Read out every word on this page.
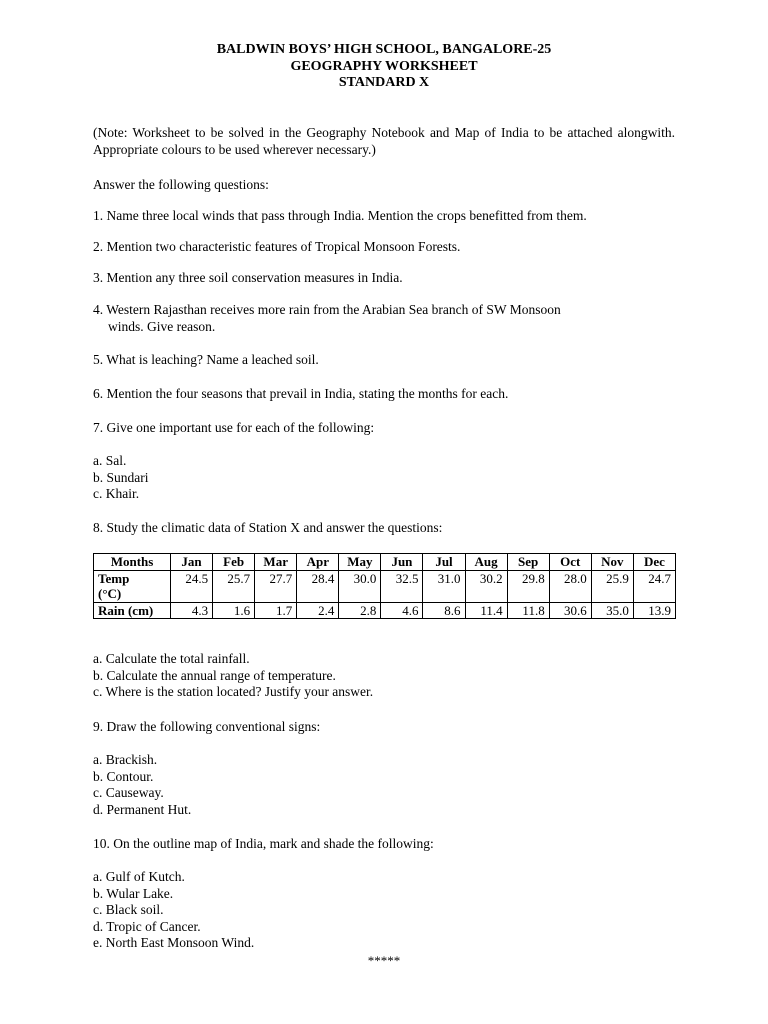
BALDWIN BOYS’ HIGH SCHOOL, BANGALORE-25
GEOGRAPHY WORKSHEET
STANDARD X
(Note: Worksheet to be solved in the Geography Notebook and Map of India to be attached alongwith. Appropriate colours to be used wherever necessary.)
Answer the following questions:
1. Name three local winds that pass through India. Mention the crops benefitted from them.
2. Mention two characteristic features of Tropical Monsoon Forests.
3. Mention any three soil conservation measures in India.
4. Western Rajasthan receives more rain from the Arabian Sea branch of SW Monsoon
winds. Give reason.
5. What is leaching? Name a leached soil.
6. Mention the four seasons that prevail in India, stating the months for each.
7. Give one important use for each of the following:
a. Sal.
b. Sundari
c. Khair.
8. Study the climatic data of Station X and answer the questions:
Months	Jan	Feb	Mar	Apr	May	Jun	Jul	Aug	Sep	Oct	Nov	Dec

Temp
(°C)	24.5	25.7	27.7	28.4	30.0	32.5	31.0	30.2	29.8	28.0	25.9	24.7
Rain (cm)	4.3	1.6	1.7	2.4	2.8	4.6	8.6	11.4	11.8	30.6	35.0	13.9
a. Calculate the total rainfall.
b. Calculate the annual range of temperature.
c. Where is the station located? Justify your answer.
9. Draw the following conventional signs:
a. Brackish.
b. Contour.
c. Causeway.
d. Permanent Hut.
10. On the outline map of India, mark and shade the following:
a. Gulf of Kutch.
b. Wular Lake.
c. Black soil.
d. Tropic of Cancer.
e. North East Monsoon Wind.
*****
